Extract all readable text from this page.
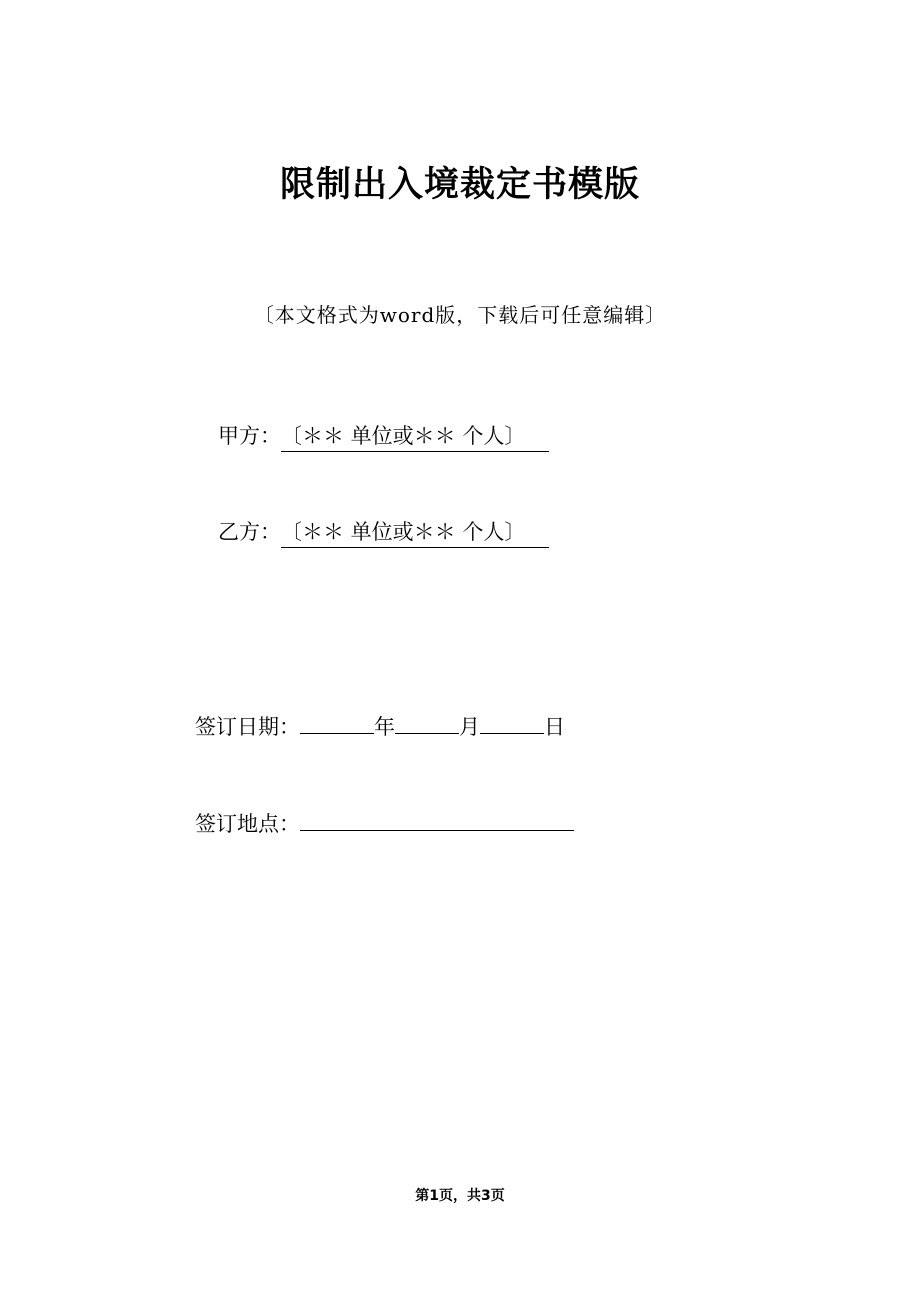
限制出入境裁定书模版
〔本文格式为word版，下载后可任意编辑〕
甲方：〔＊＊ 单位或＊＊ 个人〕
乙方：〔＊＊ 单位或＊＊ 个人〕
签订日期：	年	月	日
签订地点：
第1页，共3页
